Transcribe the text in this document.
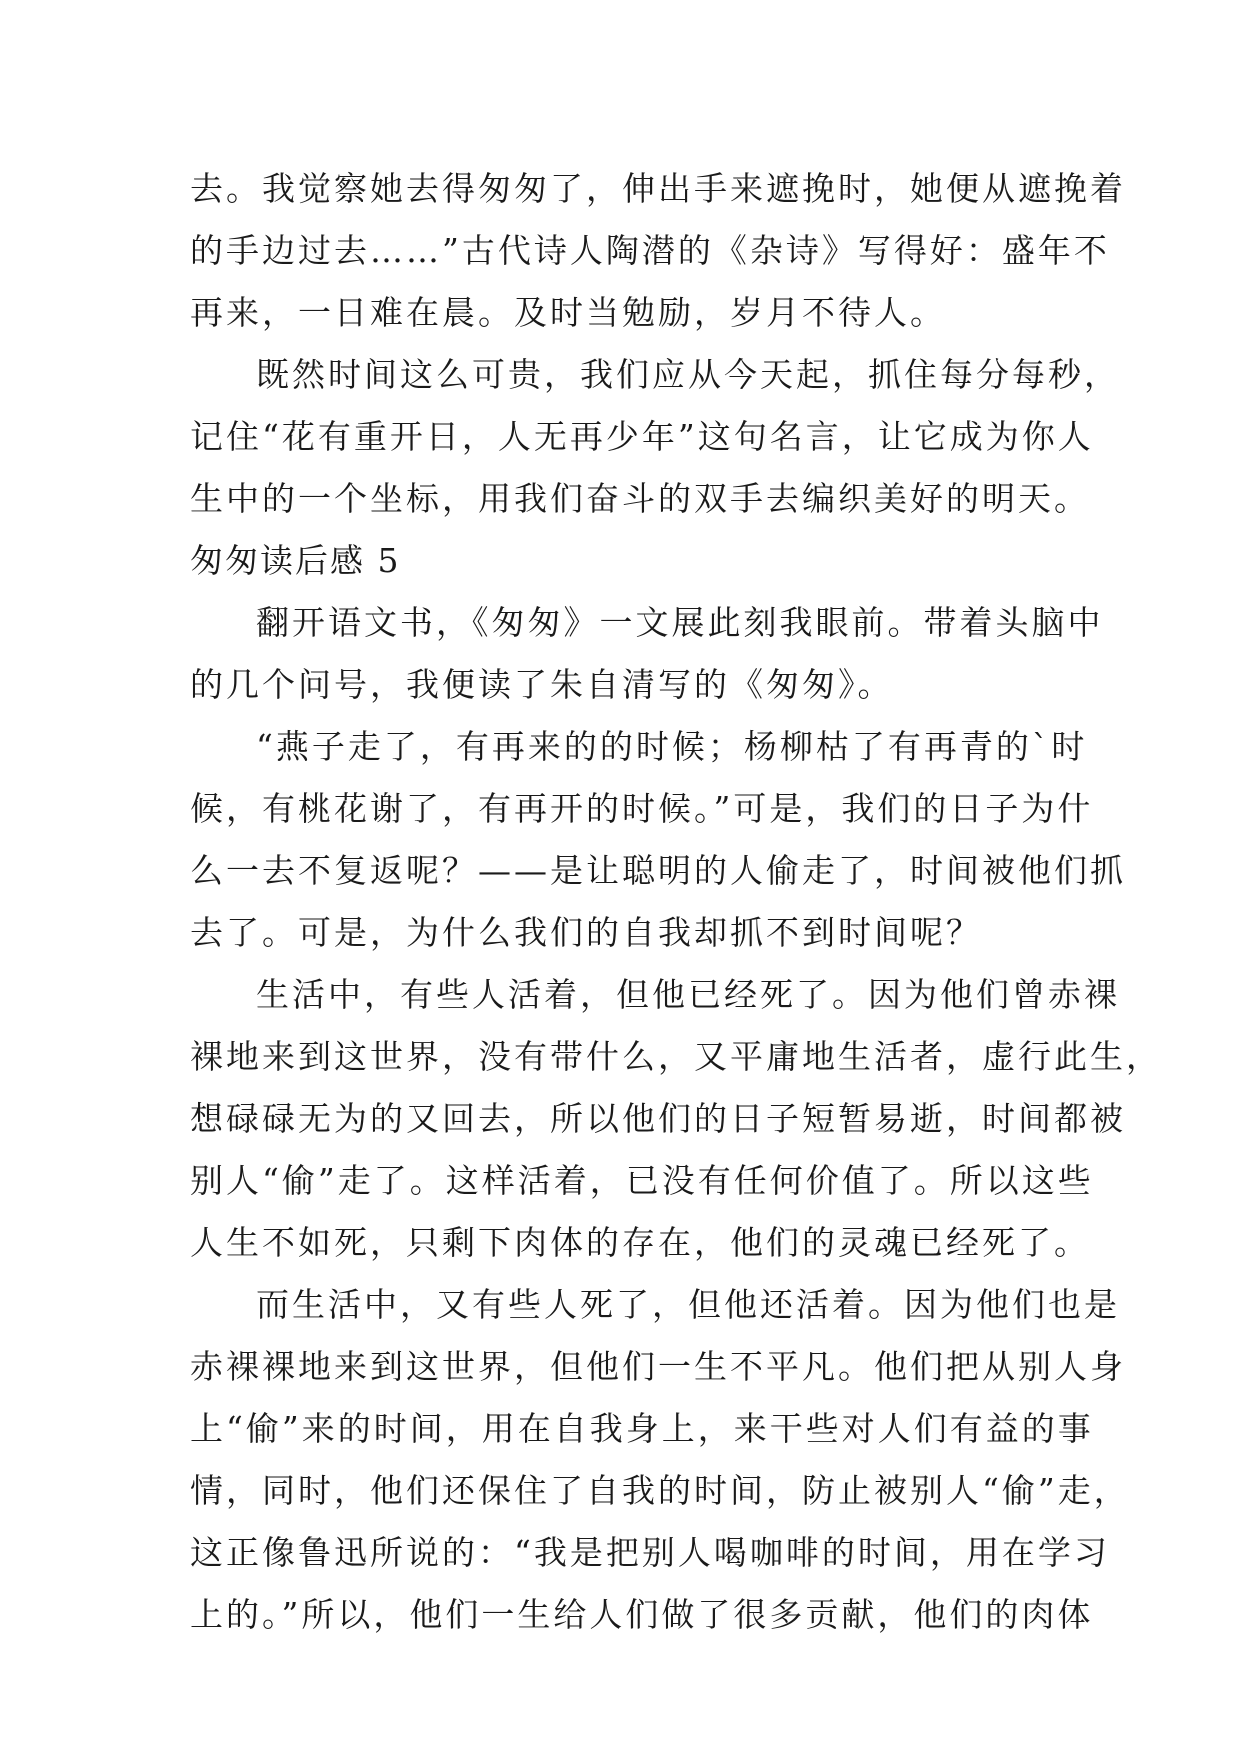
去。我觉察她去得匆匆了，伸出手来遮挽时，她便从遮挽着
的手边过去……”古代诗人陶潜的《杂诗》写得好：盛年不
再来，一日难在晨。及时当勉励，岁月不待人。
既然时间这么可贵，我们应从今天起，抓住每分每秒，
记住“花有重开日，人无再少年”这句名言，让它成为你人
生中的一个坐标，用我们奋斗的双手去编织美好的明天。
匆匆读后感 5
翻开语文书，《匆匆》一文展此刻我眼前。带着头脑中
的几个问号，我便读了朱自清写的《匆匆》。
“燕子走了，有再来的的时候；杨柳枯了有再青的`时
候，有桃花谢了，有再开的时候。”可是，我们的日子为什
么一去不复返呢？——是让聪明的人偷走了，时间被他们抓
去了。可是，为什么我们的自我却抓不到时间呢？
生活中，有些人活着，但他已经死了。因为他们曾赤裸
裸地来到这世界，没有带什么，又平庸地生活者，虚行此生，
想碌碌无为的又回去，所以他们的日子短暂易逝，时间都被
别人“偷”走了。这样活着，已没有任何价值了。所以这些
人生不如死，只剩下肉体的存在，他们的灵魂已经死了。
而生活中，又有些人死了，但他还活着。因为他们也是
赤裸裸地来到这世界，但他们一生不平凡。他们把从别人身
上“偷”来的时间，用在自我身上，来干些对人们有益的事
情，同时，他们还保住了自我的时间，防止被别人“偷”走，
这正像鲁迅所说的：“我是把别人喝咖啡的时间，用在学习
上的。”所以，他们一生给人们做了很多贡献，他们的肉体
